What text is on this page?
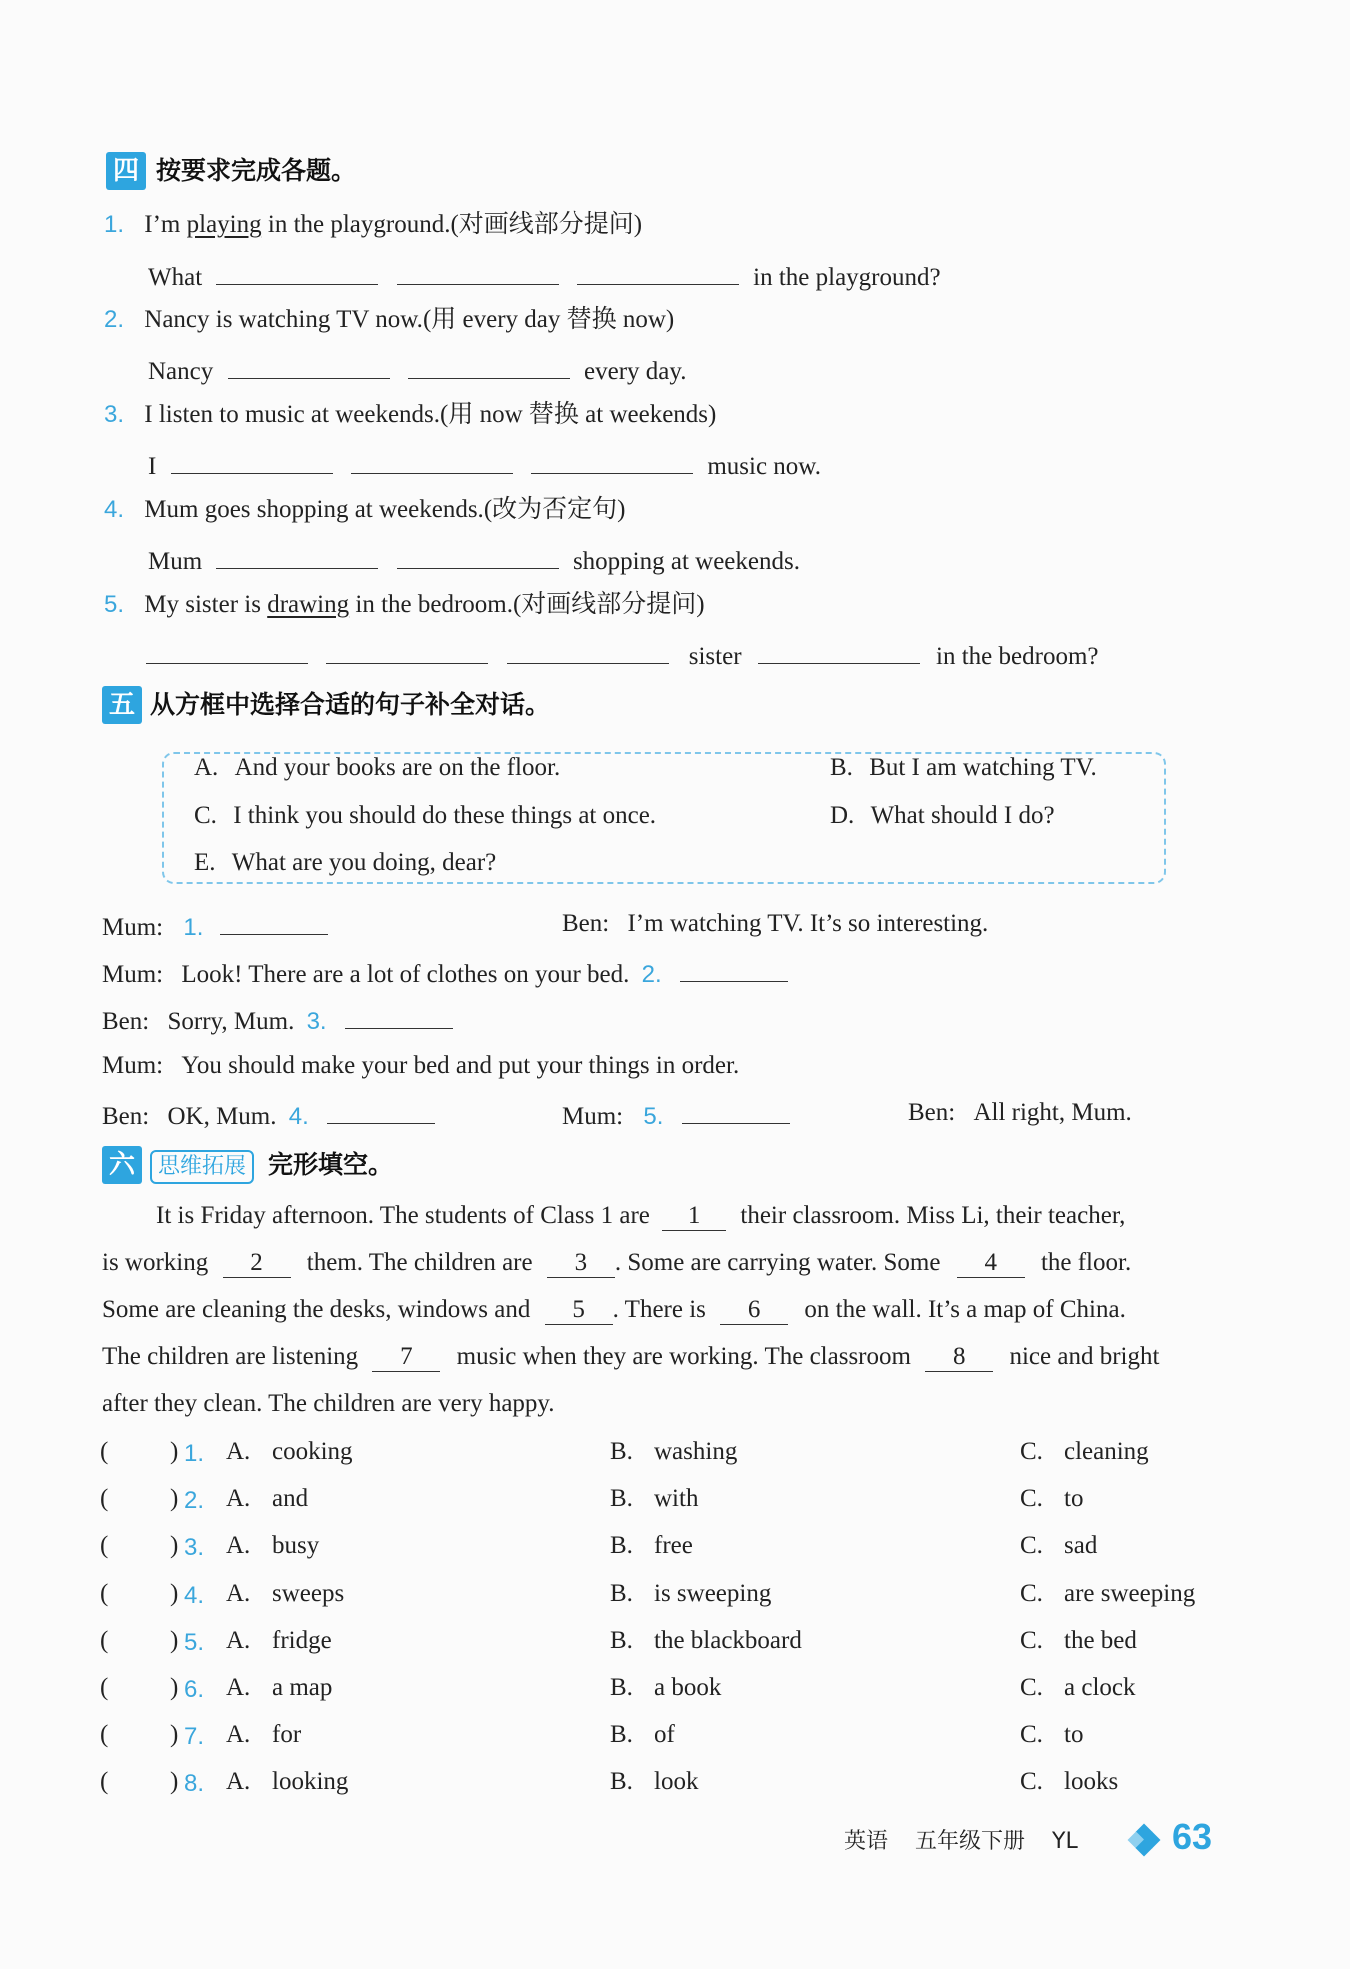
四 按要求完成各题。
1. I’m playing in the playground.(对画线部分提问)
What	in the playground?
2. Nancy is watching TV now.(用 every day 替换 now)
Nancy	every day.
3. I listen to music at weekends.(用 now 替换 at weekends)
I	music now.
4. Mum goes shopping at weekends.(改为否定句)
Mum	shopping at weekends.
5. My sister is drawing in the bedroom.(对画线部分提问)
sister	in the bedroom?
五 从方框中选择合适的句子补全对话。
A. And your books are on the floor.	B. But I am watching TV.
C. I think you should do these things at once.	D. What should I do?
E. What are you doing, dear?
Mum: 1.	Ben: I’m watching TV. It’s so interesting.
Mum: Look! There are a lot of clothes on your bed. 2.
Ben: Sorry, Mum. 3.
Mum: You should make your bed and put your things in order.
Ben: OK, Mum. 4.	Mum: 5.	Ben: All right, Mum.
六 思维拓展 完形填空。
It is Friday afternoon. The students of Class 1 are 1 their classroom. Miss Li, their teacher,
is working 2 them. The children are 3 . Some are carrying water. Some 4 the floor.
Some are cleaning the desks, windows and 5 . There is 6 on the wall. It’s a map of China.
The children are listening 7 music when they are working. The classroom 8 nice and bright
after they clean. The children are very happy.
( ) 1. A. cooking	B. washing	C. cleaning
( ) 2. A. and	B. with	C. to
( ) 3. A. busy	B. free	C. sad
( ) 4. A. sweeps	B. is sweeping	C. are sweeping
( ) 5. A. fridge	B. the blackboard	C. the bed
( ) 6. A. a map	B. a book	C. a clock
( ) 7. A. for	B. of	C. to
( ) 8. A. looking	B. look	C. looks
英语 五年级下册 YL	63
